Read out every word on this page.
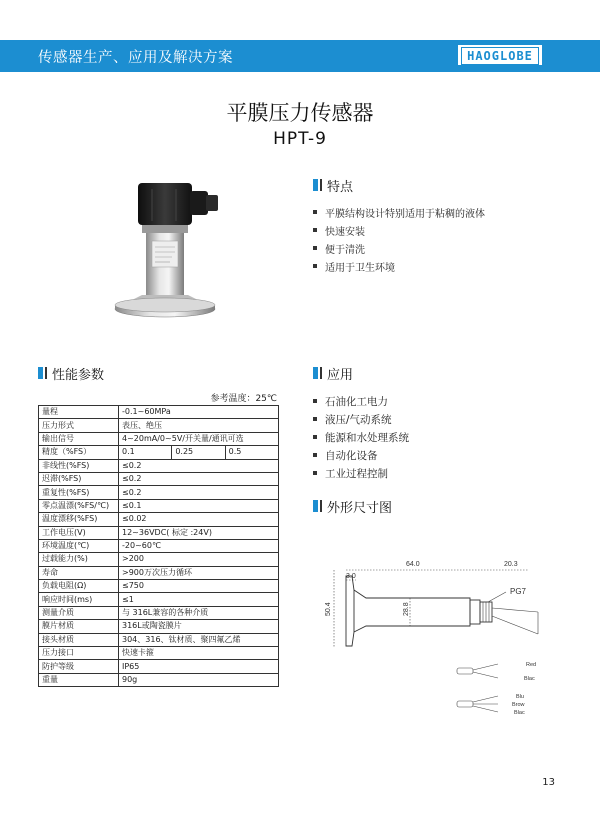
传感器生产、应用及解决方案	HAOGLOBE
平膜压力传感器
HPT-9
特点
平膜结构设计特别适用于粘稠的液体
快速安装
便于清洗
适用于卫生环境
性能参数
参考温度：25℃
量程	-0.1~60MPa		
压力形式	表压、绝压		
输出信号	4~20mA/0~5V/开关量/通讯可选		
精度（%FS）	0.1	0.25	0.5
非线性(%FS)	≤0.2		
迟滞(%FS)	≤0.2		
重复性(%FS)	≤0.2		
零点温漂(%FS/℃)	≤0.1		
温度漂移(%FS)	≤0.02		
工作电压(V)	12~36VDC( 标定 :24V)		
环境温度(℃)	-20~60℃		
过载能力(%)	>200		
寿命	>900万次压力循环		
负载电阻(Ω)	≤750		
响应时间(ms)	≤1		
测量介质	与 316L兼容的各种介质		
膜片材质	316L或陶瓷膜片		
接头材质	304、316、钛材质、聚四氟乙烯		
压力接口	快速卡箍		
防护等级	IP65		
重量	90g		
应用
石油化工电力
液压/气动系统
能源和水处理系统
自动化设备
工业过程控制
外形尺寸图
64.0	20.3
3.0
50.4	28.8
PG7
Red
Blac
Blu
Brow
Blac
13
